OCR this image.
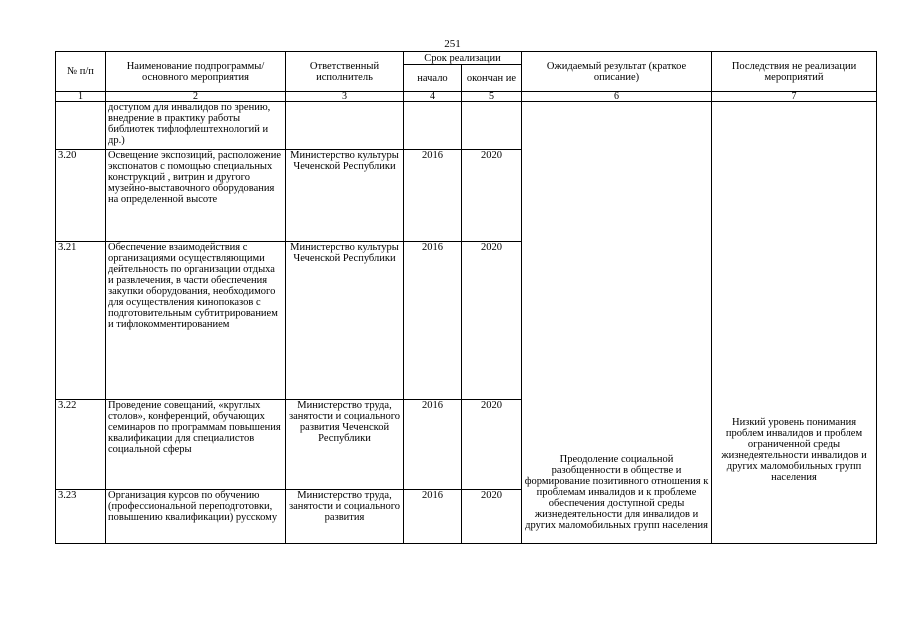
251
№ п/п	Наименование подпрограммы/ основного мероприятия	Ответственный исполнитель	Срок реализации		Ожидаемый результат (краткое описание)	Последствия не реализации мероприятий
			начало	окончан ие		
1	2	3	4	5	6	7
	доступом для инвалидов по зрению, внедрение в практику работы библиотек тифлофлештехнологий и др.)				Преодоление социальной разобщенности в обществе и формирование позитивного отношения к проблемам инвалидов и к проблеме обеспечения доступной среды жизнедеятельности для инвалидов и других маломобильных групп населения	Низкий уровень понимания проблем инвалидов и проблем ограниченной среды жизнедеятельности инвалидов и других маломобильных групп населения
3.20	Освещение экспозиций, расположение экспонатов с помощью специальных конструкций , витрин и другого музейно-выставочного оборудования на определенной высоте	Министерство культуры Чеченской Республики	2016	2020		
3.21	Обеспечение взаимодействия с организациями осуществляющими дейтельность по организации отдыха и развлечения, в части обеспечения закупки оборудования, необходимого для осуществления кинопоказов с подготовительным субтитрированием и тифлокомментированием	Министерство культуры Чеченской Республики	2016	2020		
3.22	Проведение совещаний, «круглых столов», конференций, обучающих семинаров по программам повышения квалификации для специалистов социальной сферы	Министерство труда, занятости и социального развития Чеченской Республики	2016	2020		
3.23	Организация курсов по обучению (профессиональной переподготовки, повышению квалификации) русскому	Министерство труда, занятости и социального развития	2016	2020		
